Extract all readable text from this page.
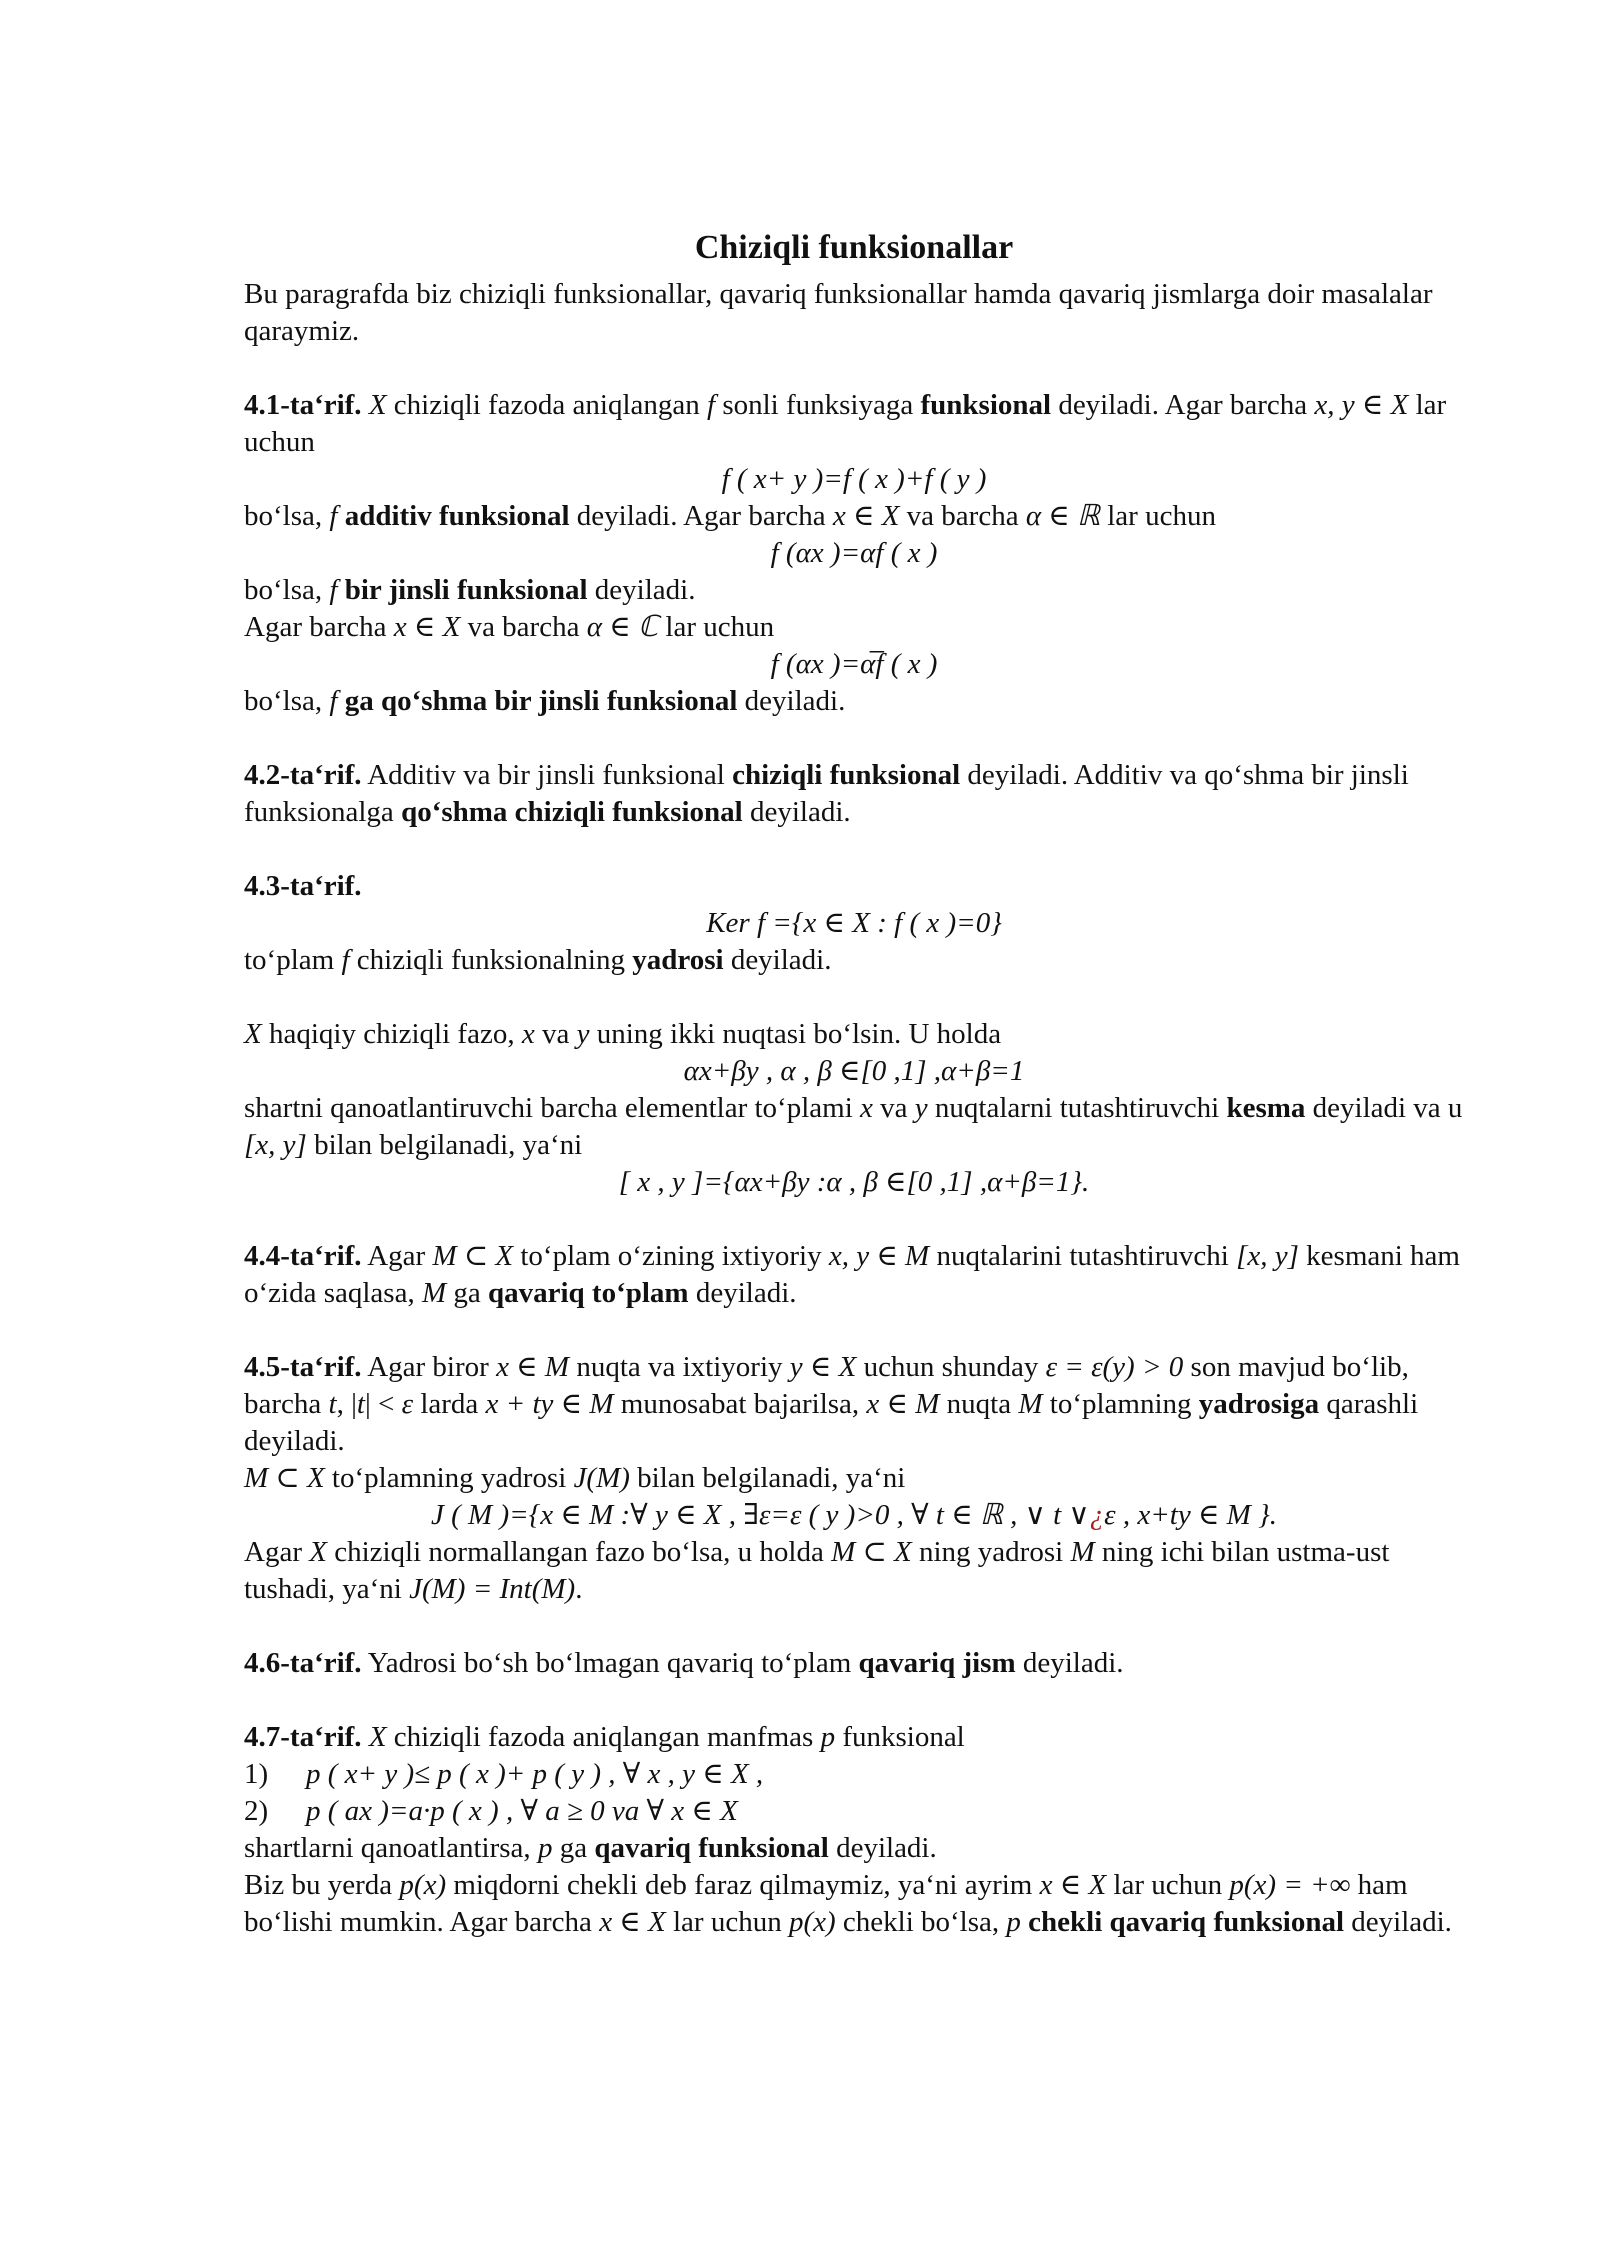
Chiziqli funksionallar

Bu paragrafda biz chiziqli funksionallar, qavariq funksionallar hamda qavariq jismlarga doir masalalar qaraymiz.

4.1-ta‘rif. X chiziqli fazoda aniqlangan f sonli funksiyaga funksional deyiladi. Agar barcha x, y ∈ X lar uchun

f ( x+ y )=f ( x )+f ( y )

bo‘lsa, f additiv funksional deyiladi. Agar barcha x ∈ X va barcha α ∈ ℝ lar uchun

f (αx )=αf ( x )

bo‘lsa, f bir jinsli funksional deyiladi.

Agar barcha x ∈ X va barcha α ∈ ℂ lar uchun

f (αx )=α̅f ( x )

bo‘lsa, f ga qo‘shma bir jinsli funksional deyiladi.

4.2-ta‘rif. Additiv va bir jinsli funksional chiziqli funksional deyiladi. Additiv va qo‘shma bir jinsli funksionalga qo‘shma chiziqli funksional deyiladi.

4.3-ta‘rif.

Ker f ={x ∈ X : f ( x )=0}

to‘plam f chiziqli funksionalning yadrosi deyiladi.

X haqiqiy chiziqli fazo, x va y uning ikki nuqtasi bo‘lsin. U holda

αx+βy , α , β ∈[0 ,1] ,α+β=1

shartni qanoatlantiruvchi barcha elementlar to‘plami x va y nuqtalarni tutashtiruvchi kesma deyiladi va u [x, y] bilan belgilanadi, ya‘ni

[ x , y ]={αx+βy :α , β ∈[0 ,1] ,α+β=1}.

4.4-ta‘rif. Agar M ⊂ X to‘plam o‘zining ixtiyoriy x, y ∈ M nuqtalarini tutashtiruvchi [x, y] kesmani ham o‘zida saqlasa, M ga qavariq to‘plam deyiladi.

4.5-ta‘rif. Agar biror x ∈ M nuqta va ixtiyoriy y ∈ X uchun shunday ε = ε(y) > 0 son mavjud bo‘lib, barcha t, |t| < ε larda x + ty ∈ M munosabat bajarilsa, x ∈ M nuqta M to‘plamning yadrosiga qarashli deyiladi.

M ⊂ X to‘plamning yadrosi J(M) bilan belgilanadi, ya‘ni

J ( M )={x ∈ M :∀ y ∈ X , ∃ε=ε ( y )>0 , ∀ t ∈ ℝ , ∨ t ∨¿ε , x+ty ∈ M }.

Agar X chiziqli normallangan fazo bo‘lsa, u holda M ⊂ X ning yadrosi M ning ichi bilan ustma-ust tushadi, ya‘ni J(M) = Int(M).

4.6-ta‘rif. Yadrosi bo‘sh bo‘lmagan qavariq to‘plam qavariq jism deyiladi.

4.7-ta‘rif. X chiziqli fazoda aniqlangan manfmas p funksional

1) p ( x+ y )≤ p ( x )+ p ( y ) , ∀ x , y ∈ X ,

2) p ( ax )=a·p ( x ) , ∀ a ≥ 0 va ∀ x ∈ X

shartlarni qanoatlantirsa, p ga qavariq funksional deyiladi.

Biz bu yerda p(x) miqdorni chekli deb faraz qilmaymiz, ya‘ni ayrim x ∈ X lar uchun p(x) = +∞ ham bo‘lishi mumkin. Agar barcha x ∈ X lar uchun p(x) chekli bo‘lsa, p chekli qavariq funksional deyiladi.
